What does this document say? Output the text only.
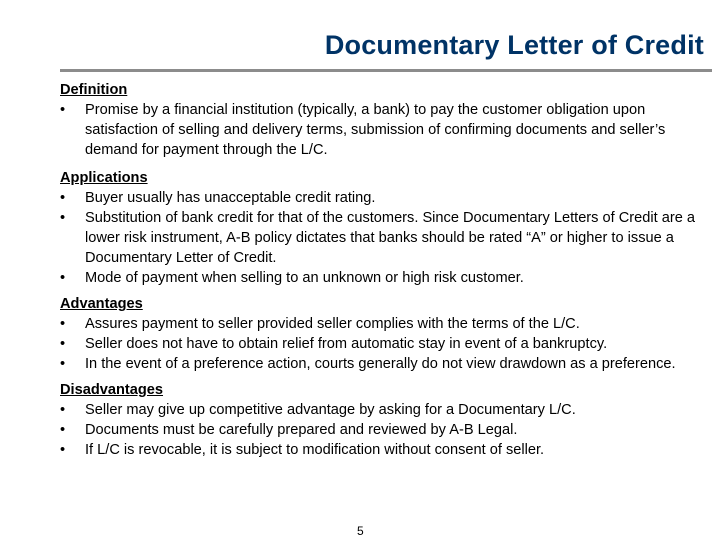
Documentary Letter of Credit
Definition
• Promise by a financial institution (typically, a bank) to pay the customer obligation upon satisfaction of selling and delivery terms, submission of confirming documents and seller’s demand for payment through the L/C.
Applications
• Buyer usually has unacceptable credit rating.
• Substitution of bank credit for that of the customers. Since Documentary Letters of Credit are a lower risk instrument, A-B policy dictates that banks should be rated “A” or higher to issue a Documentary Letter of Credit.
• Mode of payment when selling to an unknown or high risk customer.
Advantages
• Assures payment to seller provided seller complies with the terms of the L/C.
• Seller does not have to obtain relief from automatic stay in event of a bankruptcy.
• In the event of a preference action, courts generally do not view drawdown as a preference.
Disadvantages
• Seller may give up competitive advantage by asking for a Documentary L/C.
• Documents must be carefully prepared and reviewed by A-B Legal.
• If L/C is revocable, it is subject to modification without consent of seller.
5
